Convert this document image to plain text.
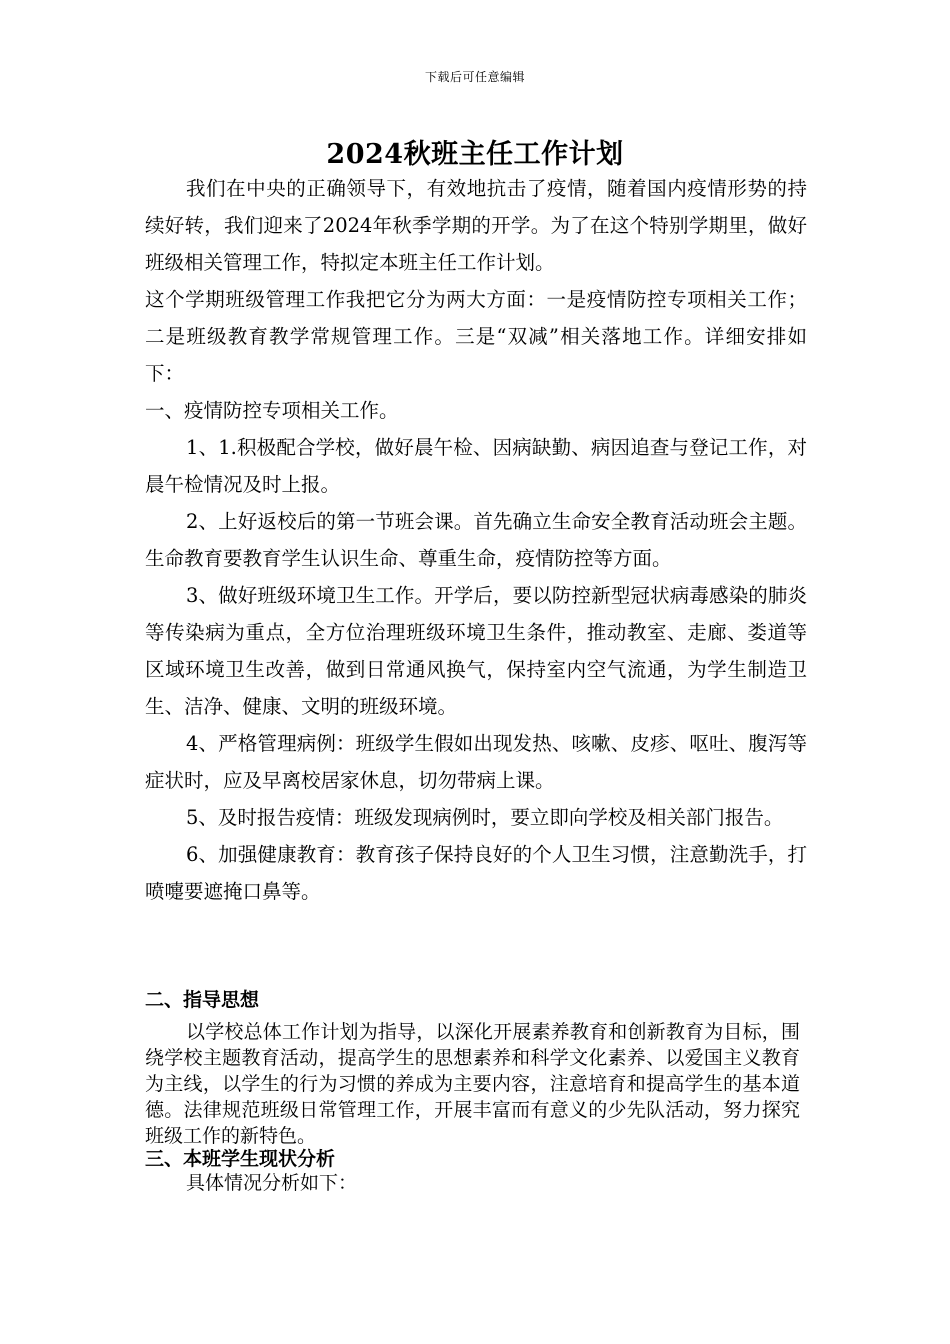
下载后可任意编辑
2024秋班主任工作计划

我们在中央的正确领导下，有效地抗击了疫情，随着国内疫情形势的持续好转，我们迎来了2024年秋季学期的开学。为了在这个特别学期里，做好班级相关管理工作，特拟定本班主任工作计划。

这个学期班级管理工作我把它分为两大方面：一是疫情防控专项相关工作；二是班级教育教学常规管理工作。三是“双减”相关落地工作。详细安排如下：

一、疫情防控专项相关工作。

1、1.积极配合学校，做好晨午检、因病缺勤、病因追查与登记工作，对晨午检情况及时上报。

2、上好返校后的第一节班会课。首先确立生命安全教育活动班会主题。生命教育要教育学生认识生命、尊重生命，疫情防控等方面。

3、做好班级环境卫生工作。开学后，要以防控新型冠状病毒感染的肺炎等传染病为重点，全方位治理班级环境卫生条件，推动教室、走廊、娄道等区域环境卫生改善，做到日常通风换气，保持室内空气流通，为学生制造卫生、洁净、健康、文明的班级环境。

4、严格管理病例：班级学生假如出现发热、咳嗽、皮疹、呕吐、腹泻等症状时，应及早离校居家休息，切勿带病上课。

5、及时报告疫情：班级发现病例时，要立即向学校及相关部门报告。

6、加强健康教育：教育孩子保持良好的个人卫生习惯，注意勤洗手，打喷嚏要遮掩口鼻等。

二、指导思想

以学校总体工作计划为指导，以深化开展素养教育和创新教育为目标，围绕学校主题教育活动，提高学生的思想素养和科学文化素养、以爱国主义教育为主线，以学生的行为习惯的养成为主要内容，注意培育和提高学生的基本道德。法律规范班级日常管理工作，开展丰富而有意义的少先队活动，努力探究班级工作的新特色。

三、本班学生现状分析

具体情况分析如下：
